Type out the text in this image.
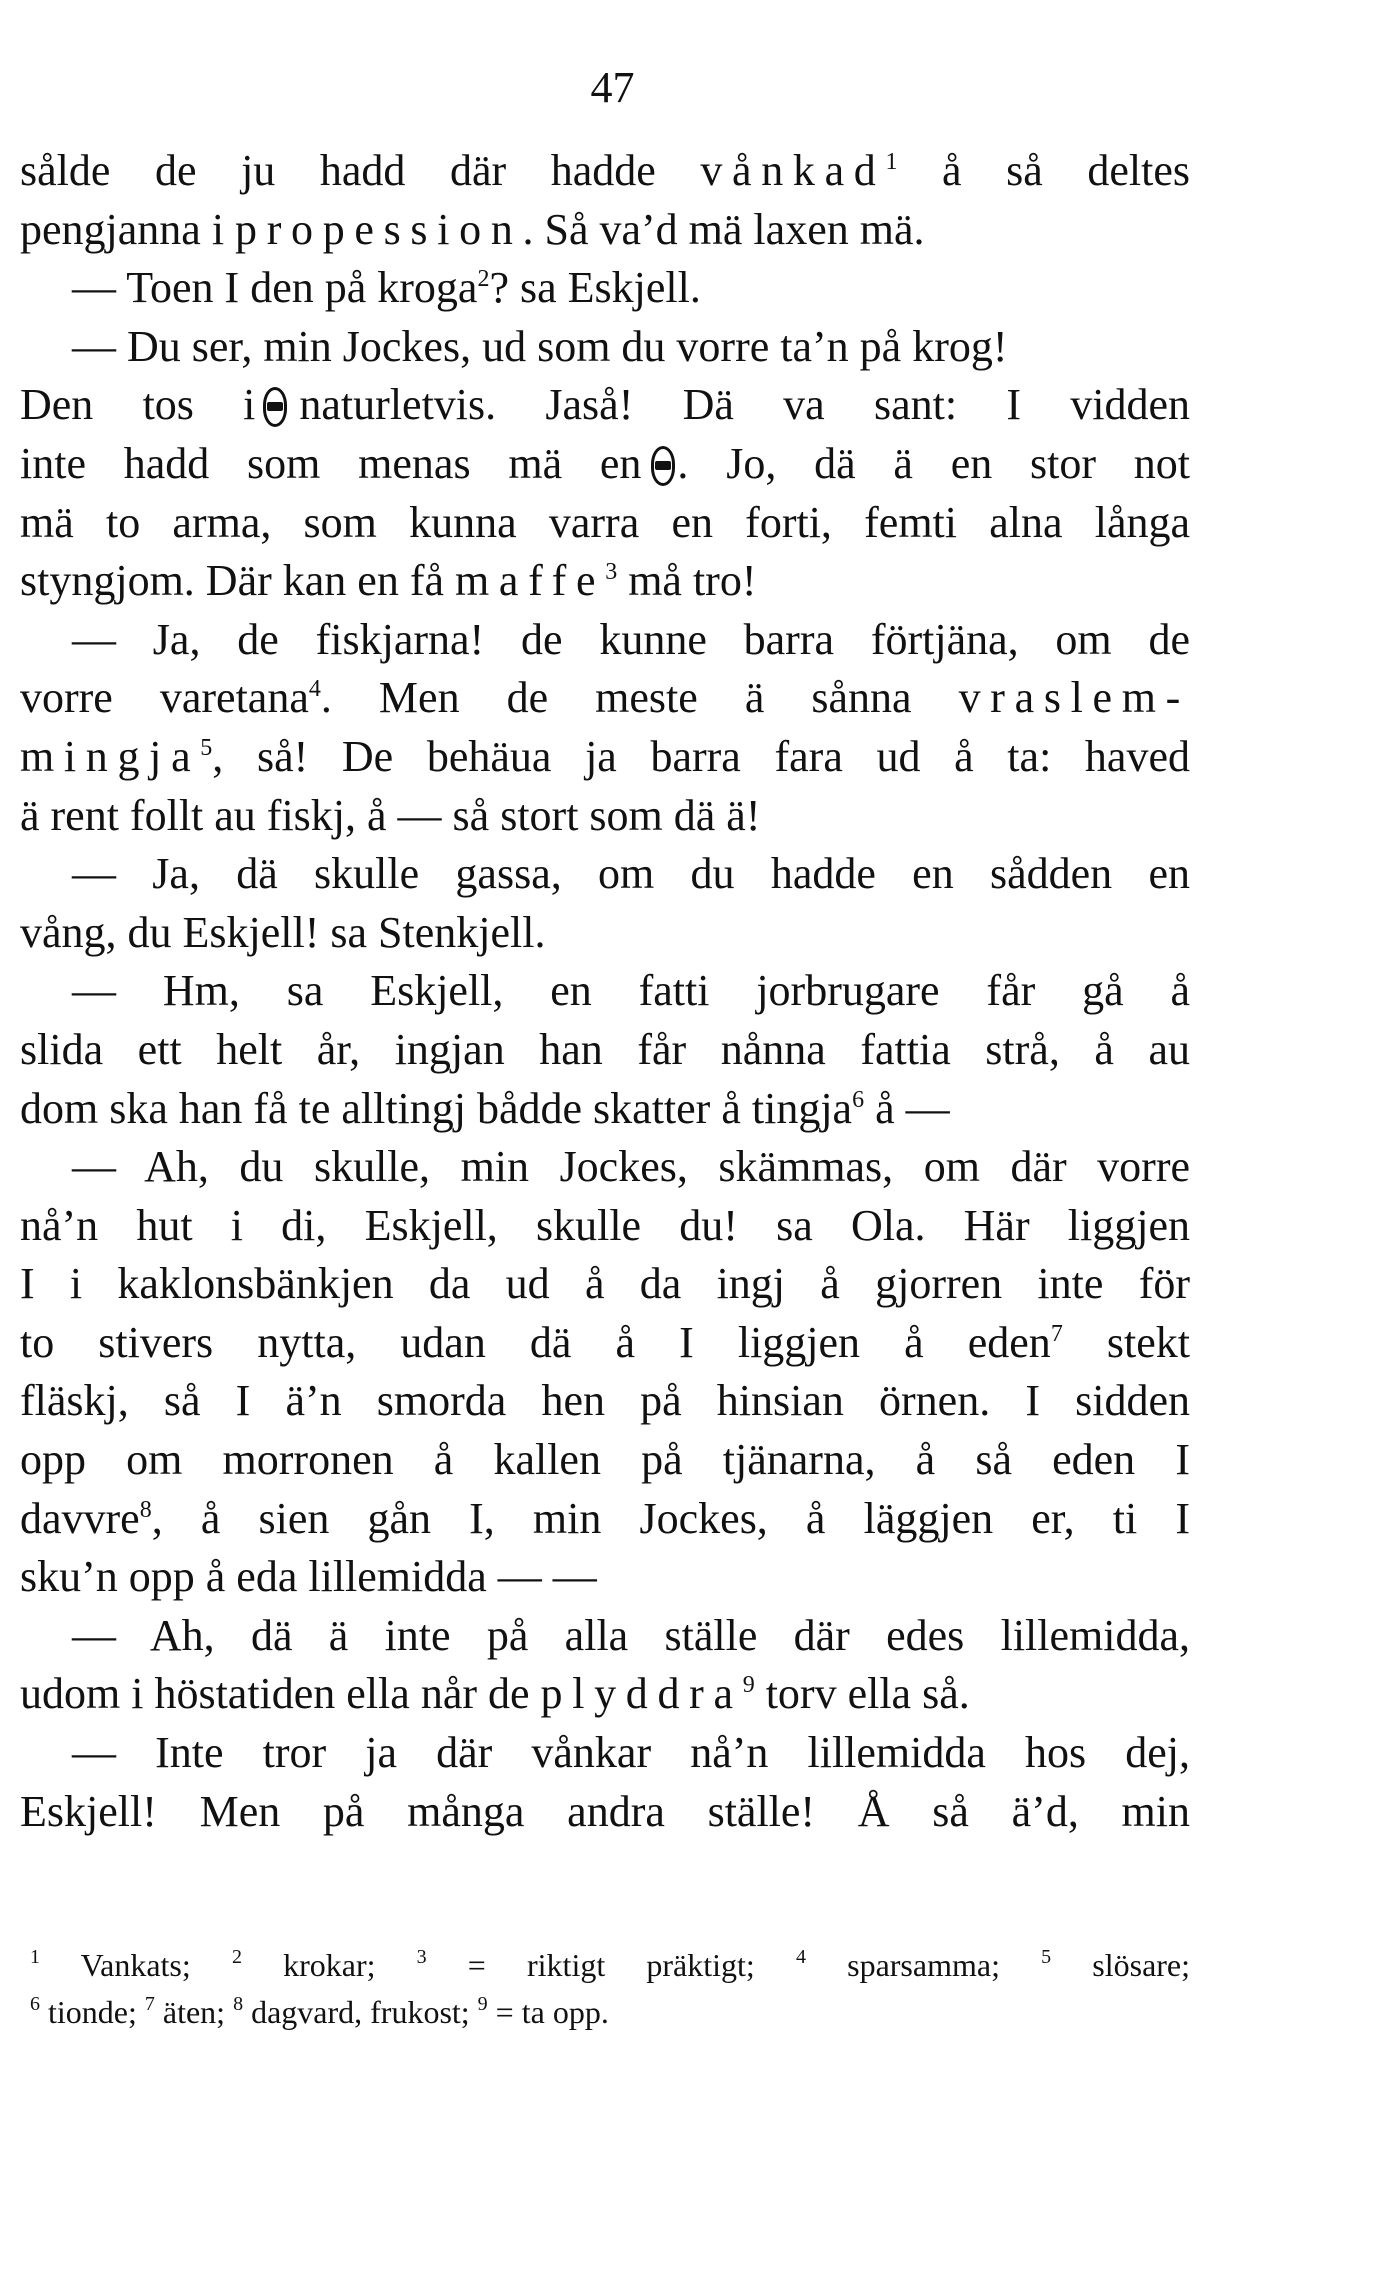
47
sålde de ju hadd där hadde vånkad$^1$ å så deltes
pengjanna i propession. Så va’d mä laxen mä.
— Toen I den på kroga$^2$? sa Eskjell.
— Du ser, min Jockes, ud som du vorre ta’n på krog!
Den tos i naturletvis. Jaså! Dä va sant: I vidden
inte hadd som menas mä en . Jo, dä ä en stor not
mä to arma, som kunna varra en forti, femti alna långa
styngjom. Där kan en få maffe$^3$ må tro!
— Ja, de fiskjarna! de kunne barra förtjäna, om de
vorre varetana$^4$. Men de meste ä sånna vraslem-
mingja$^5$, så! De behäua ja barra fara ud å ta: haved
ä rent follt au fiskj, å — så stort som dä ä!
— Ja, dä skulle gassa, om du hadde en sådden en
vång, du Eskjell! sa Stenkjell.
— Hm, sa Eskjell, en fatti jorbrugare får gå å
slida ett helt år, ingjan han får nånna fattia strå, å au
dom ska han få te alltingj bådde skatter å tingja$^6$ å —
— Ah, du skulle, min Jockes, skämmas, om där vorre
nå’n hut i di, Eskjell, skulle du! sa Ola. Här liggjen
I i kaklonsbänkjen da ud å da ingj å gjorren inte för
to stivers nytta, udan dä å I liggjen å eden$^7$ stekt
fläskj, så I ä’n smorda hen på hinsian örnen. I sidden
opp om morronen å kallen på tjänarna, å så eden I
davvre$^8$, å sien gån I, min Jockes, å läggjen er, ti I
sku’n opp å eda lillemidda — —
— Ah, dä ä inte på alla ställe där edes lillemidda,
udom i höstatiden ella når de plyddra$^9$ torv ella så.
— Inte tror ja där vånkar nå’n lillemidda hos dej,
Eskjell! Men på många andra ställe! Å så ä’d, min
$^1$ Vankats; $^2$ krokar; $^3$ = riktigt präktigt; $^4$ sparsamma; $^5$ slösare;
$^6$ tionde; $^7$ äten; $^8$ dagvard, frukost; $^9$ = ta opp.
